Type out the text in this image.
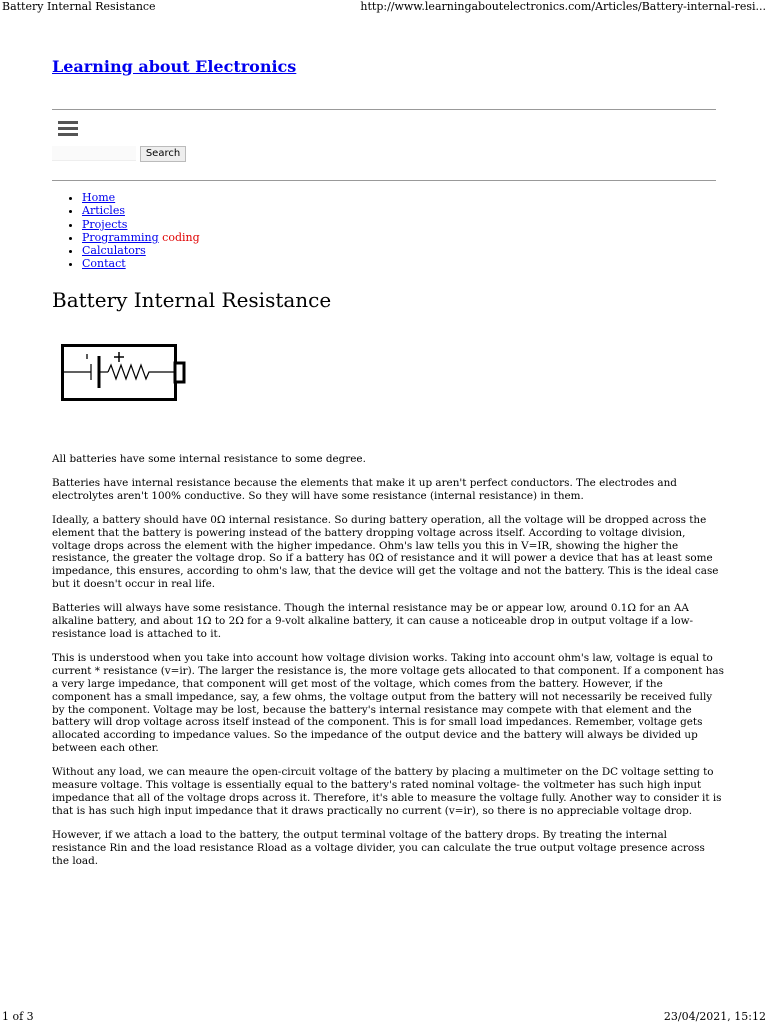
Battery Internal Resistance	http://www.learningaboutelectronics.com/Articles/Battery-internal-resi...
Learning about Electronics
Search
• Home
• Articles
• Projects
• Programming coding
• Calculators
• Contact
Battery Internal Resistance

All batteries have some internal resistance to some degree.

Batteries have internal resistance because the elements that make it up aren't perfect conductors. The electrodes and electrolytes aren't 100% conductive. So they will have some resistance (internal resistance) in them.

Ideally, a battery should have 0Ω internal resistance. So during battery operation, all the voltage will be dropped across the element that the battery is powering instead of the battery dropping voltage across itself. According to voltage division, voltage drops across the element with the higher impedance. Ohm's law tells you this in V=IR, showing the higher the resistance, the greater the voltage drop. So if a battery has 0Ω of resistance and it will power a device that has at least some impedance, this ensures, according to ohm's law, that the device will get the voltage and not the battery. This is the ideal case but it doesn't occur in real life.

Batteries will always have some resistance. Though the internal resistance may be or appear low, around 0.1Ω for an AA alkaline battery, and about 1Ω to 2Ω for a 9-volt alkaline battery, it can cause a noticeable drop in output voltage if a low-resistance load is attached to it.

This is understood when you take into account how voltage division works. Taking into account ohm's law, voltage is equal to current * resistance (v=ir). The larger the resistance is, the more voltage gets allocated to that component. If a component has a very large impedance, that component will get most of the voltage, which comes from the battery. However, if the component has a small impedance, say, a few ohms, the voltage output from the battery will not necessarily be received fully by the component. Voltage may be lost, because the battery's internal resistance may compete with that element and the battery will drop voltage across itself instead of the component. This is for small load impedances. Remember, voltage gets allocated according to impedance values. So the impedance of the output device and the battery will always be divided up between each other.

Without any load, we can meaure the open-circuit voltage of the battery by placing a multimeter on the DC voltage setting to measure voltage. This voltage is essentially equal to the battery's rated nominal voltage- the voltmeter has such high input impedance that all of the voltage drops across it. Therefore, it's able to measure the voltage fully. Another way to consider it is that is has such high input impedance that it draws practically no current (v=ir), so there is no appreciable voltage drop.

However, if we attach a load to the battery, the output terminal voltage of the battery drops. By treating the internal resistance Rin and the load resistance Rload as a voltage divider, you can calculate the true output voltage presence across the load.

1 of 3	23/04/2021, 15:12
